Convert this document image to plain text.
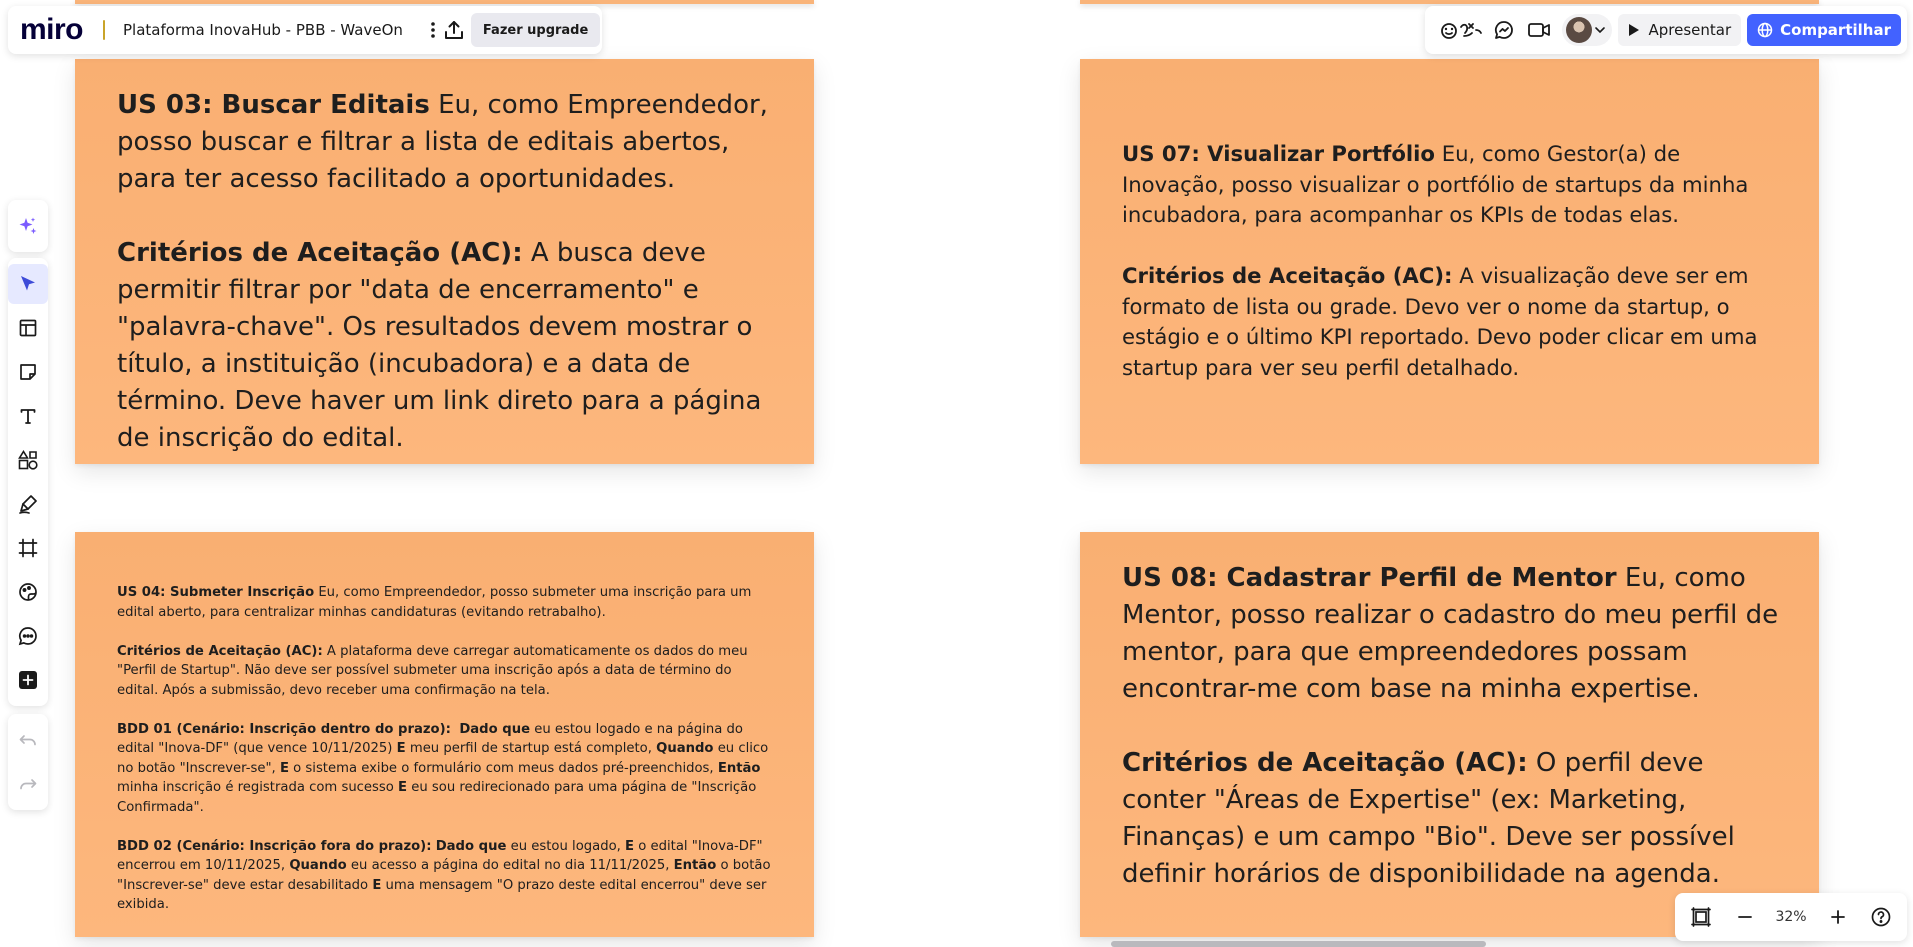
US 03: Buscar Editais Eu, como Empreendedor, posso buscar e filtrar a lista de editais abertos, para ter acesso facilitado a oportunidades.

Critérios de Aceitação (AC): A busca deve permitir filtrar por "data de encerramento" e "palavra-chave". Os resultados devem mostrar o título, a instituição (incubadora) e a data de término. Deve haver um link direto para a página de inscrição do edital.

US 07: Visualizar Portfólio Eu, como Gestor(a) de Inovação, posso visualizar o portfólio de startups da minha incubadora, para acompanhar os KPIs de todas elas.

Critérios de Aceitação (AC): A visualização deve ser em formato de lista ou grade. Devo ver o nome da startup, o estágio e o último KPI reportado. Devo poder clicar em uma startup para ver seu perfil detalhado.

US 04: Submeter Inscrição Eu, como Empreendedor, posso submeter uma inscrição para um edital aberto, para centralizar minhas candidaturas (evitando retrabalho).

Critérios de Aceitação (AC): A plataforma deve carregar automaticamente os dados do meu "Perfil de Startup". Não deve ser possível submeter uma inscrição após a data de término do edital. Após a submissão, devo receber uma confirmação na tela.

BDD 01 (Cenário: Inscrição dentro do prazo): Dado que eu estou logado e na página do edital "Inova-DF" (que vence 10/11/2025) E meu perfil de startup está completo, Quando eu clico no botão "Inscrever-se", E o sistema exibe o formulário com meus dados pré-preenchidos, Então minha inscrição é registrada com sucesso E eu sou redirecionado para uma página de "Inscrição Confirmada".

BDD 02 (Cenário: Inscrição fora do prazo): Dado que eu estou logado, E o edital "Inova-DF" encerrou em 10/11/2025, Quando eu acesso a página do edital no dia 11/11/2025, Então o botão "Inscrever-se" deve estar desabilitado E uma mensagem "O prazo deste edital encerrou" deve ser exibida.

US 08: Cadastrar Perfil de Mentor Eu, como Mentor, posso realizar o cadastro do meu perfil de mentor, para que empreendedores possam encontrar-me com base na minha expertise.

Critérios de Aceitação (AC): O perfil deve conter "Áreas de Expertise" (ex: Marketing, Finanças) e um campo "Bio". Deve ser possível definir horários de disponibilidade na agenda.

miro	Plataforma InovaHub - PBB - WaveOn	Fazer upgrade	Apresentar	Compartilhar
32%
